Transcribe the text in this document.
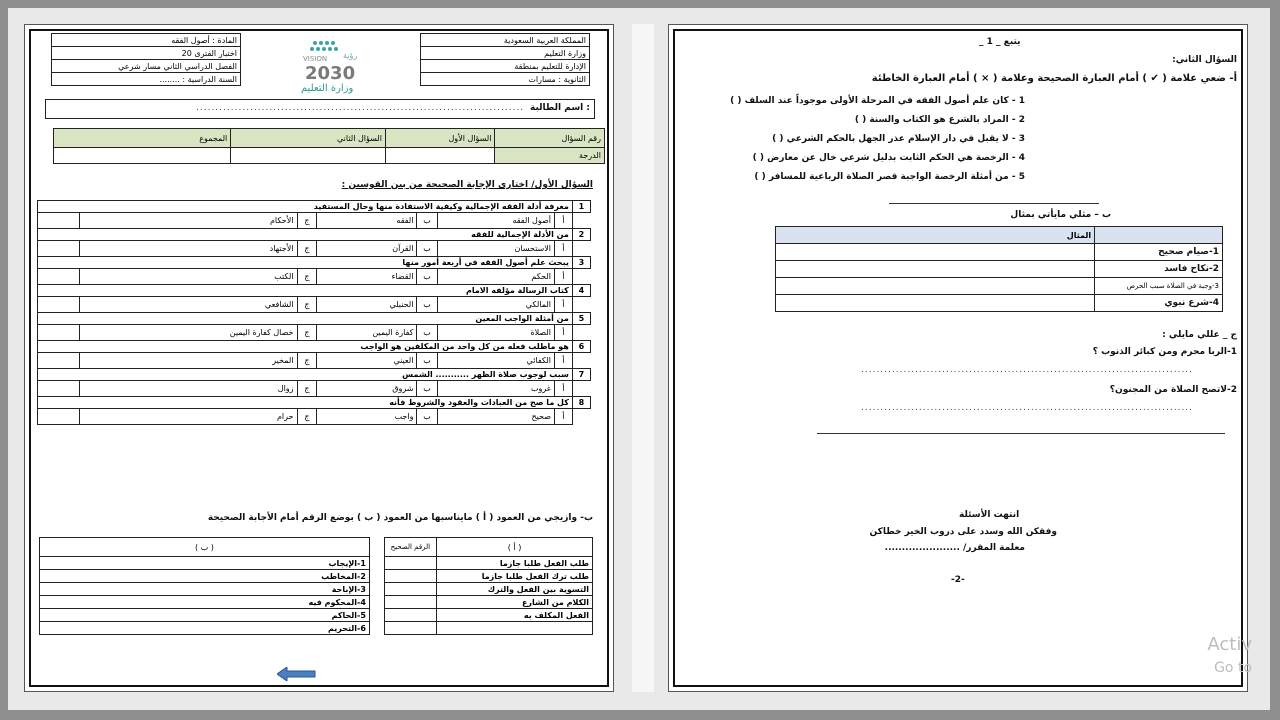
المادة : أصول الفقه
اختبار الفترى 20
الفصل الدراسي الثاني مسار شرعي
السنة الدراسية : ........
رؤية
VISION
2030
وزارة التعليم
المملكة العربية السعودية
وزارة التعليم
الإدارة للتعليم بمنطقة
الثانوية : مسارات
اسم الطالبة :
.....................................................................................
المجموع	السؤال الثاني	السؤال الأول	رقم السؤال
			الدرجة
السؤال الأول/ اختاري الإجابة الصحيحة من بين القوسين :
معرفة أدلة الفقه الإجمالية وكيفية الاستفادة منها وحال المستفيد							1
	الأحكام	ج	الفقه	ب	أصول الفقه	أ	
من الأدلة الإجمالية للفقه							2
	الأجتهاد	ج	القرآن	ب	الاستحسان	أ	
يبحث علم أصول الفقه في أربعة أمور منها							3
	الكتب	ج	القضاء	ب	الحكم	أ	
كتاب الرسالة مؤلفه الامام							4
	الشافعي	ج	الحنبلي	ب	المالكي	أ	
من أمثلة الواجب المعين							5
	خصال كفارة اليمين	ج	كفارة اليمين	ب	الصلاة	أ	
هو ماطلب فعله من كل واحد من المكلفين هو الواجب							6
	المخير	ج	العيني	ب	الكفائي	أ	
سبب لوجوب صلاة الظهر ........... الشمس							7
	زوال	ج	شروق	ب	غروب	أ	
كل ما صح من العبادات والعقود والشروط فأنه							8
	حرام	ج	واجب	ب	صحيح	أ	
ب- وازيجي من العمود ( أ ) مايناسبها من العمود ( ب ) بوضع الرقم أمام الأجابة الصحيحة
( ب )		الرقم الصحيح	( أ )
1-الإيجاب			طلب الفعل طلبا جازما
2-المخاطب			طلب ترك الفعل طلبا جازما
3-الإباحة			التسوية بين الفعل والترك
4-المحكوم فيه			الكلام من الشارع
5-الحاكم			الفعل المكلف به
6-التحريم			
_ 1 _ يتبع
السؤال الثاني:
أ- ضعي علامة ( ✔ ) أمام العبارة الصحيحة وعلامة ( × ) أمام العبارة الخاطئة
1 - كان علم أصول الفقه في المرحلة الأولى موجوداً عند السلف ( )
2 - المراد بالشرع هو الكتاب والسنة ( )
3 - لا يقبل في دار الإسلام عذر الجهل بالحكم الشرعي ( )
4 - الرخصة هي الحكم الثابت بدليل شرعي خال عن معارض ( )
5 - من أمثلة الرخصة الواجبة قصر الصلاة الرباعية للمسافر ( )
ب – مثلي مايأتي بمثال
المثال	
	1-صيام صحيح
	2-نكاح فاسد
	3-وجبة في الصلاة سبب الحرص
	4-شرع نبوي
ج _ عللي مايلي :
1-الربا محرم ومن كبائر الذنوب ؟
......................................................................................
2-لاتصح الصلاة من المجنون؟
......................................................................................
انتهت الأسئلة
وفقكن الله وسدد على دروب الخير خطاكن
معلمة المقرر/ ......................
-2-
Activ
Go to
